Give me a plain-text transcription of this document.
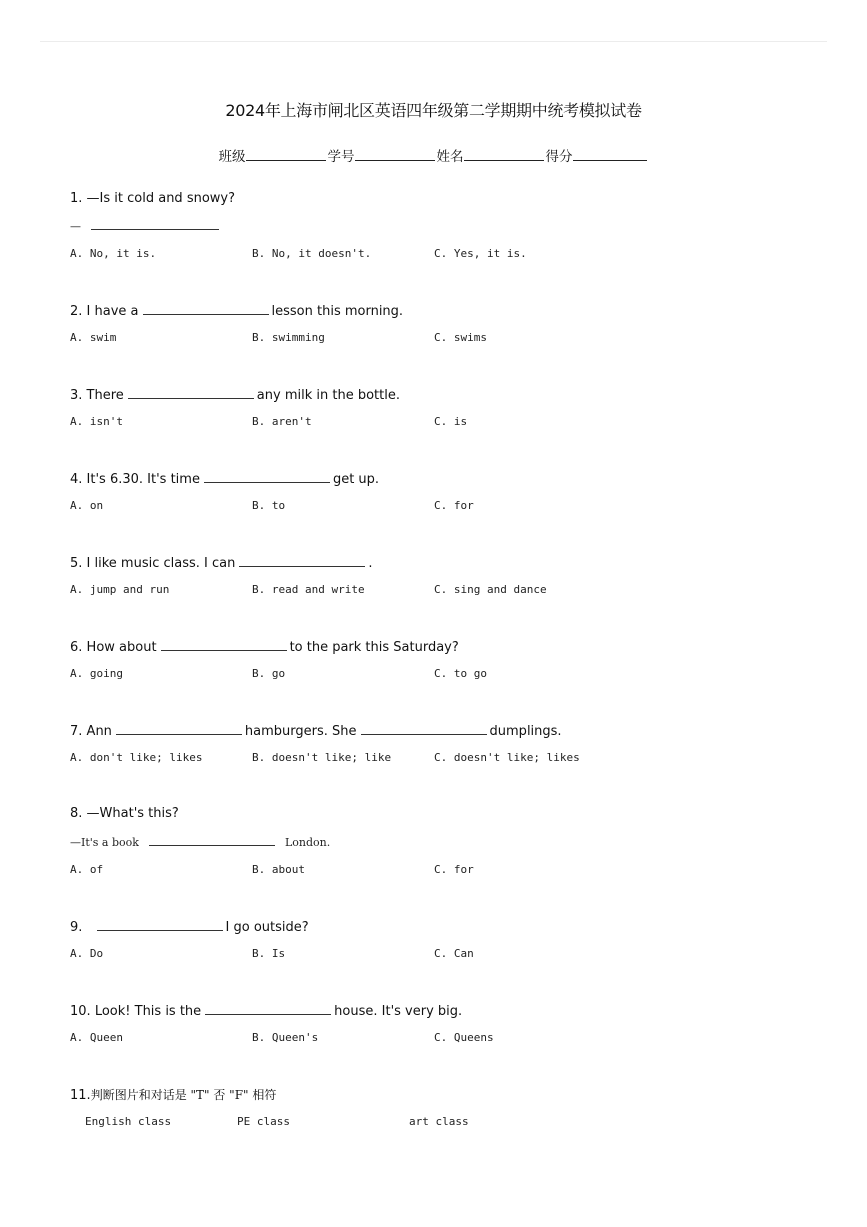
2024年上海市闸北区英语四年级第二学期期中统考模拟试卷
班级	学号	姓名	得分
1. —Is it cold and snowy?
—
A. No, it is.	B. No, it doesn't.	C. Yes, it is.
2. I have a	lesson this morning.
A. swim	B. swimming	C. swims
3. There	any milk in the bottle.
A. isn't	B. aren't	C. is
4. It's 6.30. It's time	get up.
A. on	B. to	C. for
5. I like music class. I can	.
A. jump and run	B. read and write	C. sing and dance
6. How about	to the park this Saturday?
A. going	B. go	C. to go
7. Ann	hamburgers. She	dumplings.
A. don't like; likes	B. doesn't like; like	C. doesn't like; likes
8. —What's this?
—It's a book	London.
A. of	B. about	C. for
9.	I go outside?
A. Do	B. Is	C. Can
10. Look! This is the	house. It's very big.
A. Queen	B. Queen's	C. Queens
11.判断图片和对话是 "T" 否 "F" 相符
English class	PE class	art class
